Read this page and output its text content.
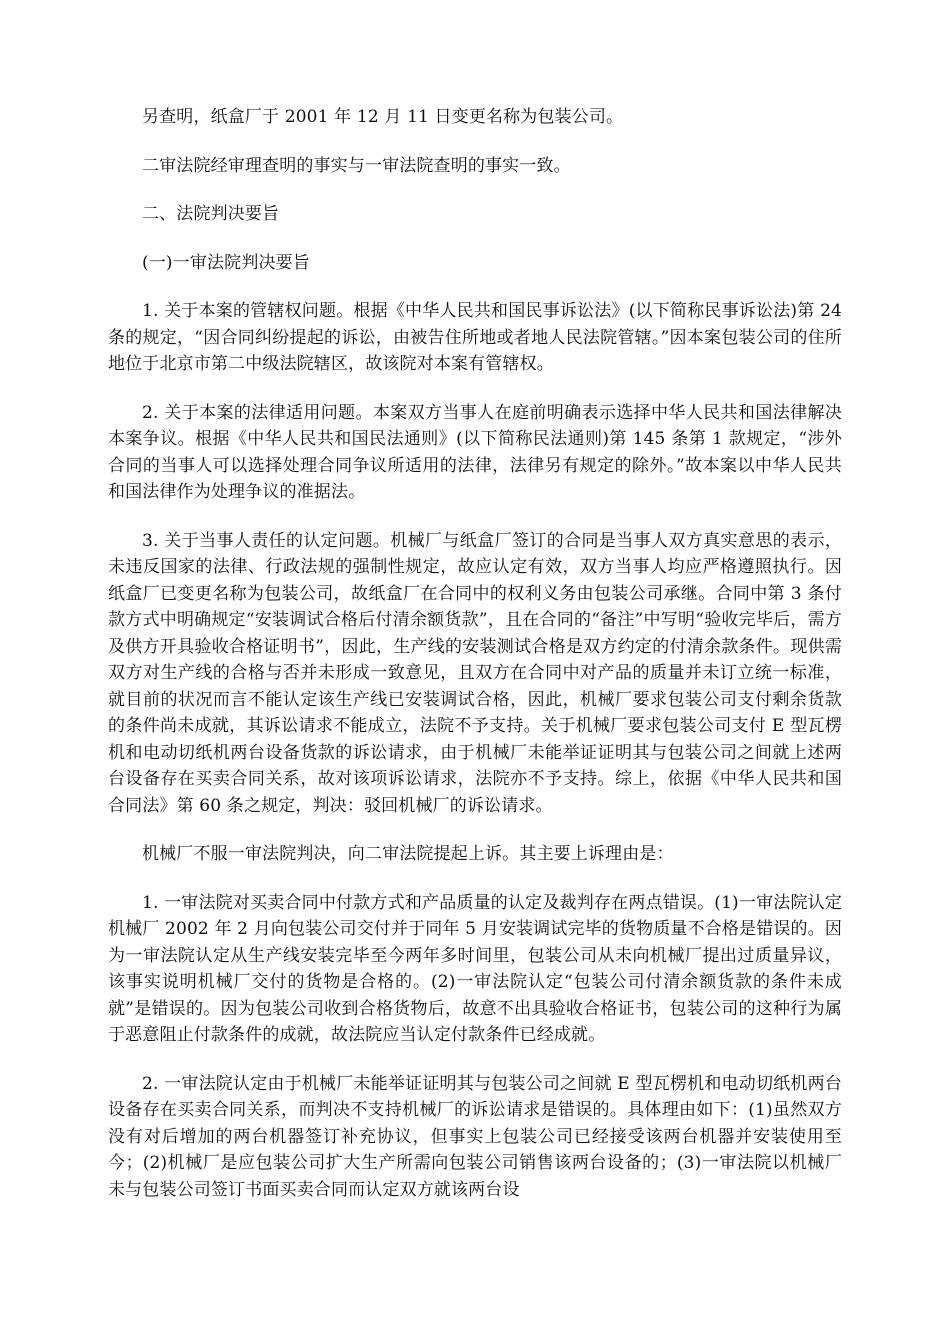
另查明，纸盒厂于 2001 年 12 月 11 日变更名称为包装公司。

二审法院经审理查明的事实与一审法院查明的事实一致。

二、法院判决要旨

(一)一审法院判决要旨

1. 关于本案的管辖权问题。根据《中华人民共和国民事诉讼法》(以下简称民事诉讼法)第 24 条的规定，“因合同纠纷提起的诉讼，由被告住所地或者地人民法院管辖。”因本案包装公司的住所地位于北京市第二中级法院辖区，故该院对本案有管辖权。

2. 关于本案的法律适用问题。本案双方当事人在庭前明确表示选择中华人民共和国法律解决本案争议。根据《中华人民共和国民法通则》(以下简称民法通则)第 145 条第 1 款规定，“涉外合同的当事人可以选择处理合同争议所适用的法律，法律另有规定的除外。”故本案以中华人民共和国法律作为处理争议的准据法。

3. 关于当事人责任的认定问题。机械厂与纸盒厂签订的合同是当事人双方真实意思的表示，未违反国家的法律、行政法规的强制性规定，故应认定有效，双方当事人均应严格遵照执行。因纸盒厂已变更名称为包装公司，故纸盒厂在合同中的权利义务由包装公司承继。合同中第 3 条付款方式中明确规定“安装调试合格后付清余额货款”，且在合同的“备注”中写明“验收完毕后，需方及供方开具验收合格证明书”，因此，生产线的安装测试合格是双方约定的付清余款条件。现供需双方对生产线的合格与否并未形成一致意见，且双方在合同中对产品的质量并未订立统一标准，就目前的状况而言不能认定该生产线已安装调试合格，因此，机械厂要求包装公司支付剩余货款的条件尚未成就，其诉讼请求不能成立，法院不予支持。关于机械厂要求包装公司支付 E 型瓦楞机和电动切纸机两台设备货款的诉讼请求，由于机械厂未能举证证明其与包装公司之间就上述两台设备存在买卖合同关系，故对该项诉讼请求，法院亦不予支持。综上，依据《中华人民共和国合同法》第 60 条之规定，判决：驳回机械厂的诉讼请求。

机械厂不服一审法院判决，向二审法院提起上诉。其主要上诉理由是：

1. 一审法院对买卖合同中付款方式和产品质量的认定及裁判存在两点错误。(1)一审法院认定机械厂 2002 年 2 月向包装公司交付并于同年 5 月安装调试完毕的货物质量不合格是错误的。因为一审法院认定从生产线安装完毕至今两年多时间里，包装公司从未向机械厂提出过质量异议，该事实说明机械厂交付的货物是合格的。(2)一审法院认定“包装公司付清余额货款的条件未成就”是错误的。因为包装公司收到合格货物后，故意不出具验收合格证书，包装公司的这种行为属于恶意阻止付款条件的成就，故法院应当认定付款条件已经成就。

2. 一审法院认定由于机械厂未能举证证明其与包装公司之间就 E 型瓦楞机和电动切纸机两台设备存在买卖合同关系，而判决不支持机械厂的诉讼请求是错误的。具体理由如下：(1)虽然双方没有对后增加的两台机器签订补充协议，但事实上包装公司已经接受该两台机器并安装使用至今；(2)机械厂是应包装公司扩大生产所需向包装公司销售该两台设备的；(3)一审法院以机械厂未与包装公司签订书面买卖合同而认定双方就该两台设
